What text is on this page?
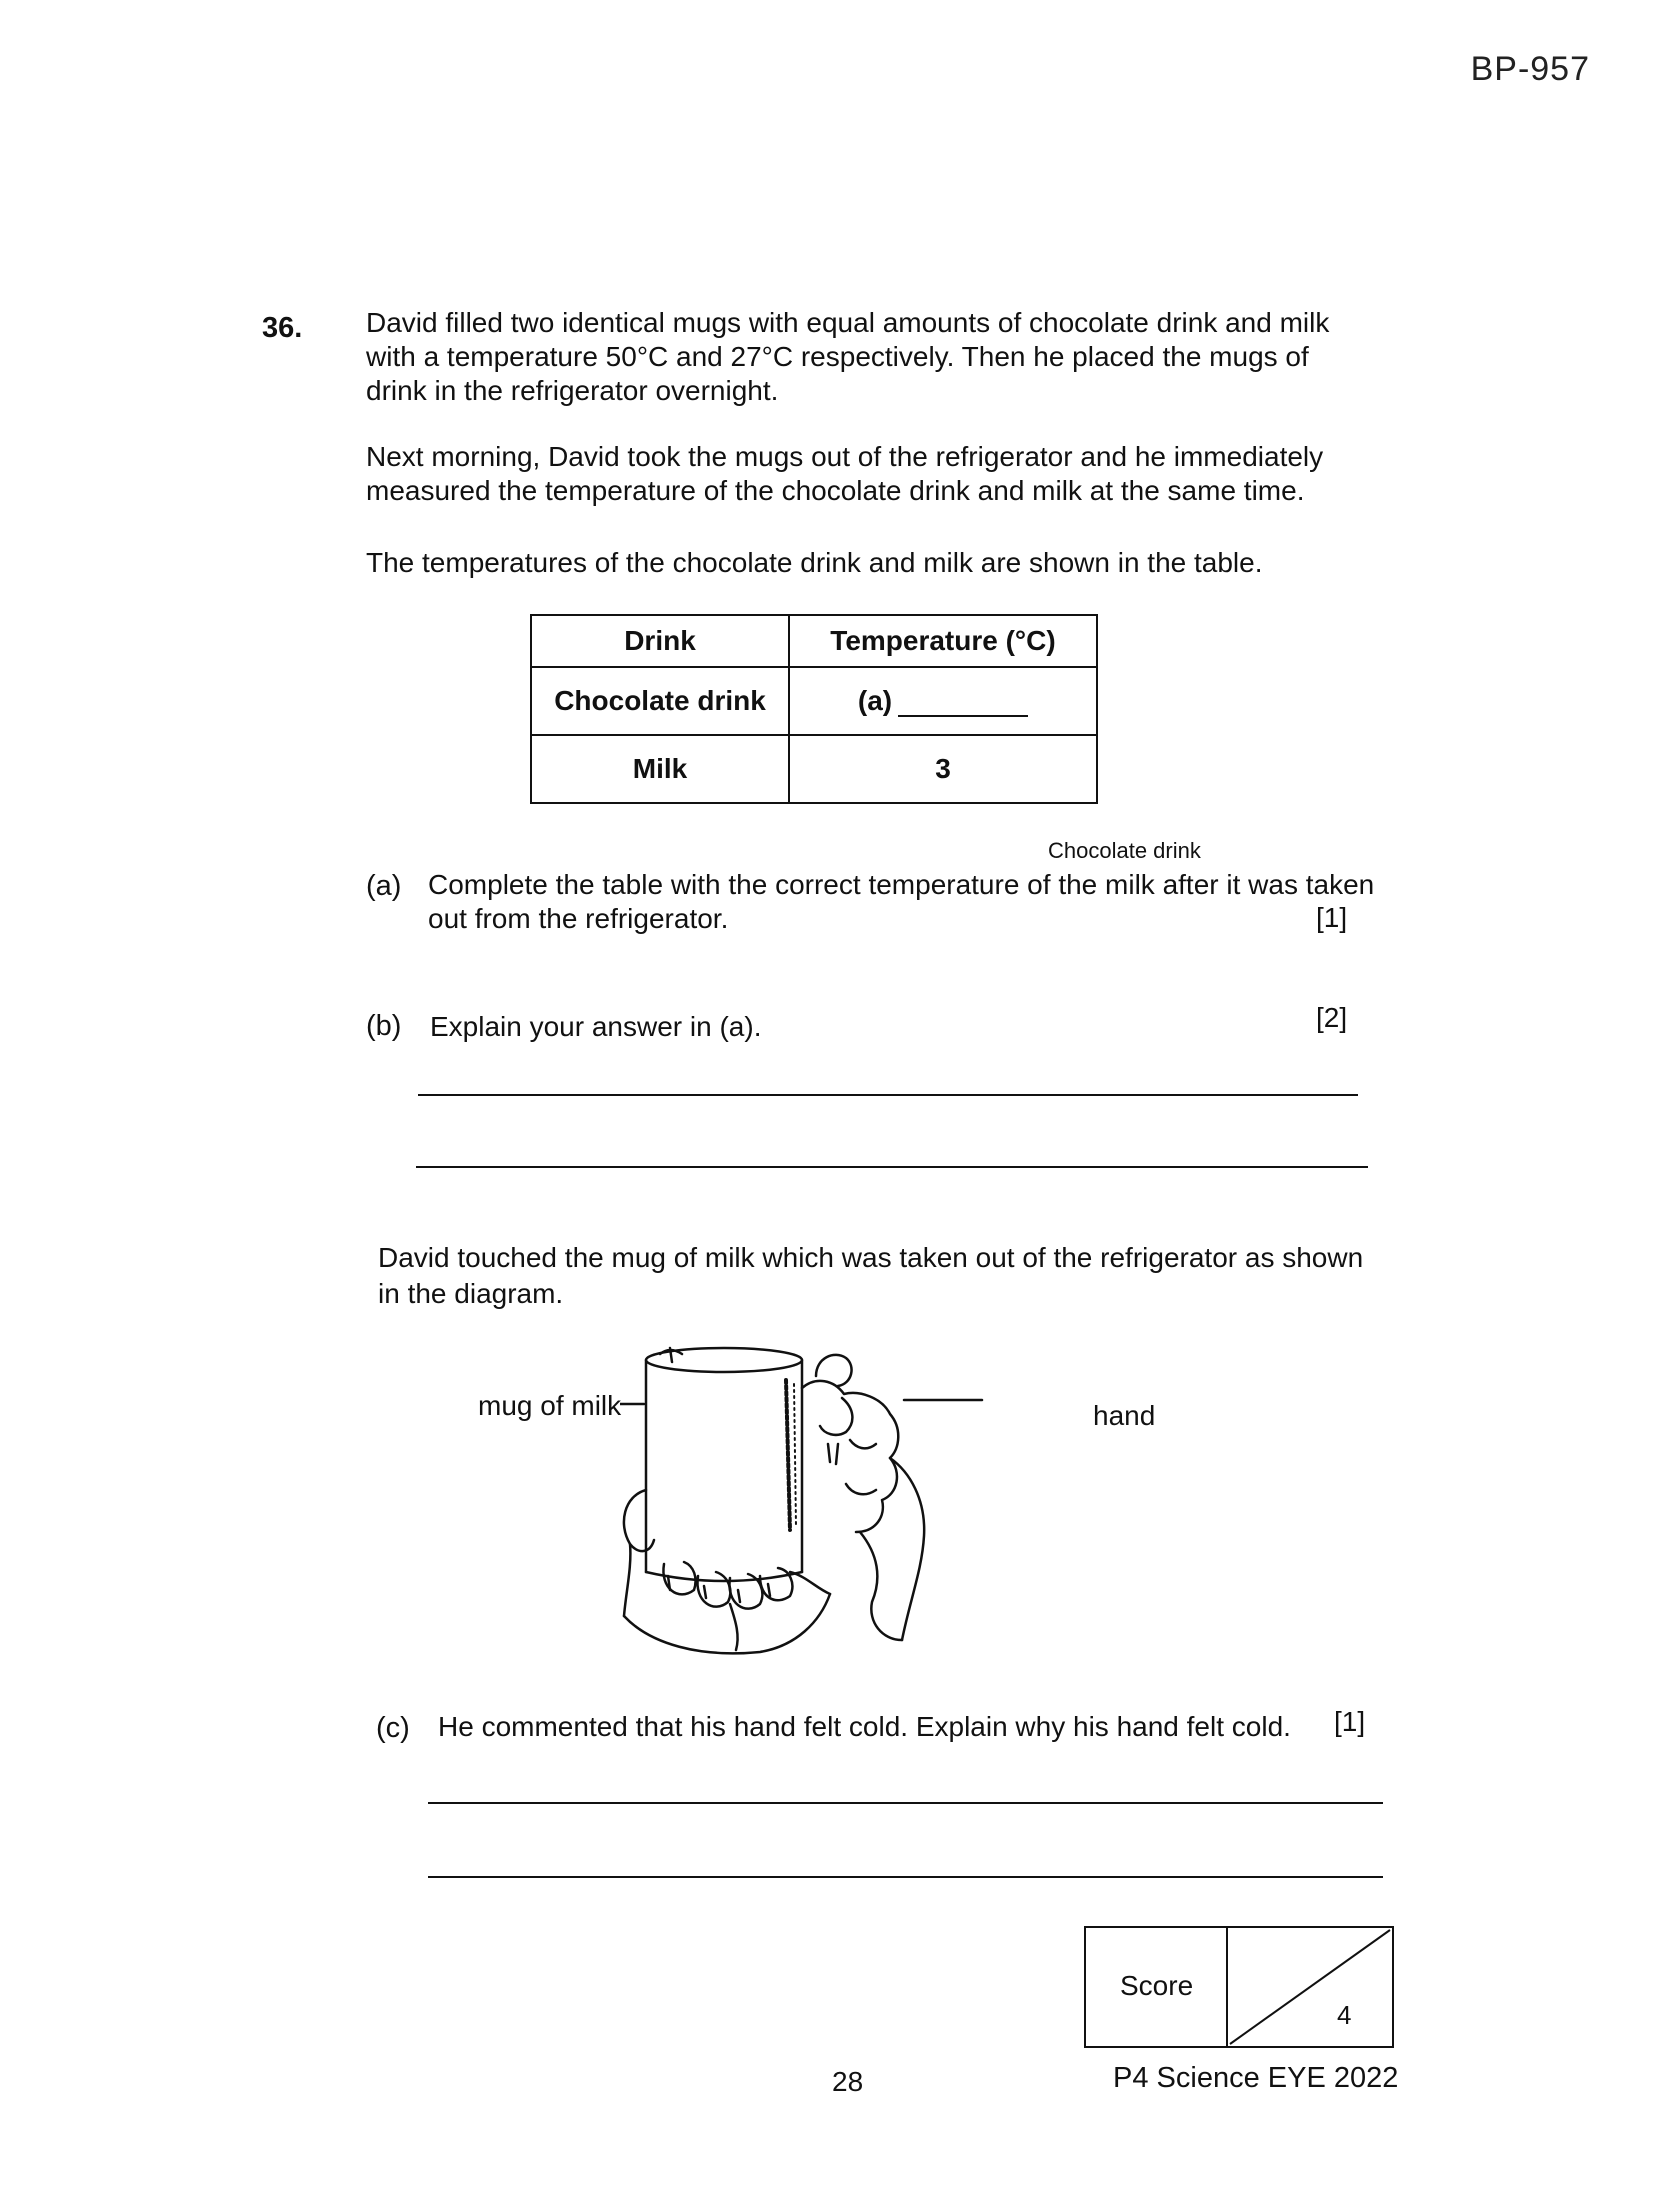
BP-957
36. David filled two identical mugs with equal amounts of chocolate drink and milk with a temperature 50°C and 27°C respectively. Then he placed the mugs of drink in the refrigerator overnight.
Next morning, David took the mugs out of the refrigerator and he immediately measured the temperature of the chocolate drink and milk at the same time.
The temperatures of the chocolate drink and milk are shown in the table.
Drink	Temperature (°C)
Chocolate drink	(a)
Milk	3
Chocolate drink
(a) Complete the table with the correct temperature of the milk after it was taken
out from the refrigerator.	[1]
(b) Explain your answer in (a).	[2]
David touched the mug of milk which was taken out of the refrigerator as shown in the diagram.
mug of milk	hand
(c) He commented that his hand felt cold. Explain why his hand felt cold. [1]
Score
4
28	P4 Science EYE 2022
